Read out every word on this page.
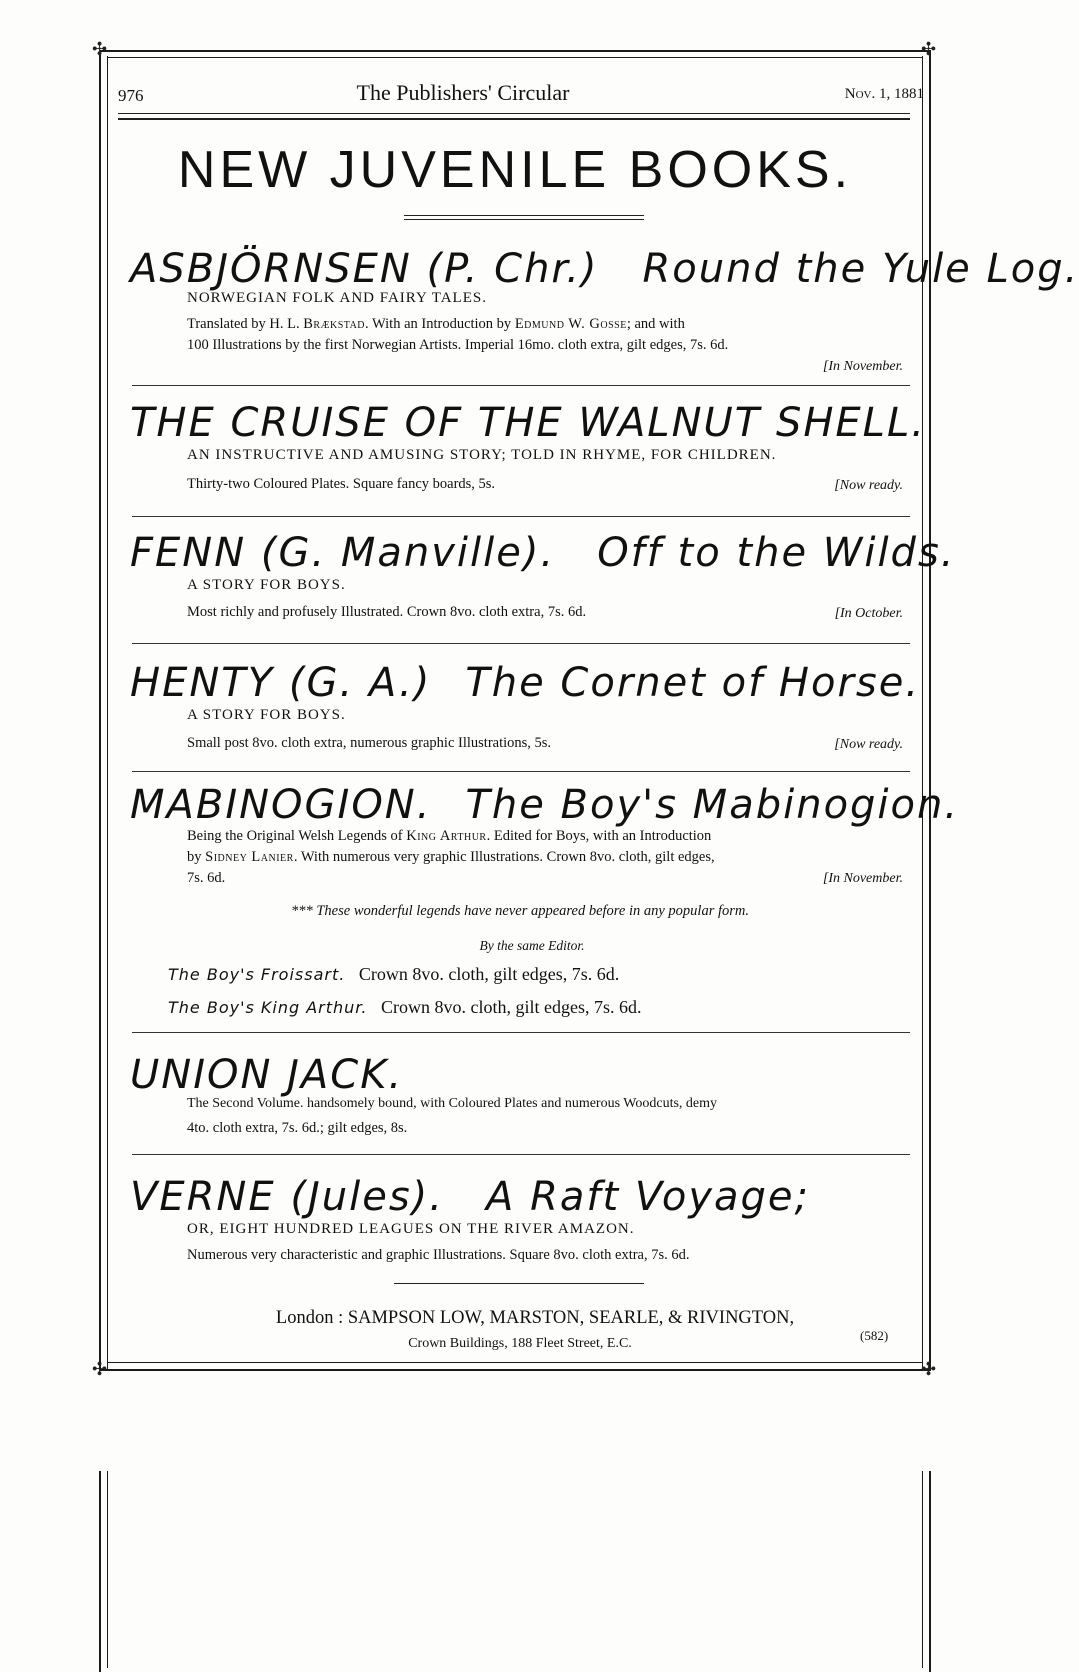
✣	✣
✣	✣
976	The Publishers' Circular	Nov. 1, 1881
NEW JUVENILE BOOKS.
ASBJÖRNSEN (P. Chr.) Round the Yule Log.
NORWEGIAN FOLK AND FAIRY TALES.
Translated by H. L. Brækstad. With an Introduction by Edmund W. Gosse; and with
100 Illustrations by the first Norwegian Artists. Imperial 16mo. cloth extra, gilt edges, 7s. 6d.
[In November.
THE CRUISE OF THE WALNUT SHELL.
AN INSTRUCTIVE AND AMUSING STORY; TOLD IN RHYME, FOR CHILDREN.
Thirty-two Coloured Plates. Square fancy boards, 5s.	[Now ready.
FENN (G. Manville). Off to the Wilds.
A STORY FOR BOYS.
Most richly and profusely Illustrated. Crown 8vo. cloth extra, 7s. 6d.	[In October.
HENTY (G. A.) The Cornet of Horse.
A STORY FOR BOYS.
Small post 8vo. cloth extra, numerous graphic Illustrations, 5s.	[Now ready.
MABINOGION. The Boy's Mabinogion.
Being the Original Welsh Legends of King Arthur. Edited for Boys, with an Introduction
by Sidney Lanier. With numerous very graphic Illustrations. Crown 8vo. cloth, gilt edges,
7s. 6d.	[In November.
*** These wonderful legends have never appeared before in any popular form.
By the same Editor.
The Boy's Froissart. Crown 8vo. cloth, gilt edges, 7s. 6d.
The Boy's King Arthur. Crown 8vo. cloth, gilt edges, 7s. 6d.
UNION JACK.
The Second Volume. handsomely bound, with Coloured Plates and numerous Woodcuts, demy
4to. cloth extra, 7s. 6d.; gilt edges, 8s.
VERNE (Jules). A Raft Voyage;
OR, EIGHT HUNDRED LEAGUES ON THE RIVER AMAZON.
Numerous very characteristic and graphic Illustrations. Square 8vo. cloth extra, 7s. 6d.
London : SAMPSON LOW, MARSTON, SEARLE, & RIVINGTON,
Crown Buildings, 188 Fleet Street, E.C.
(582)
